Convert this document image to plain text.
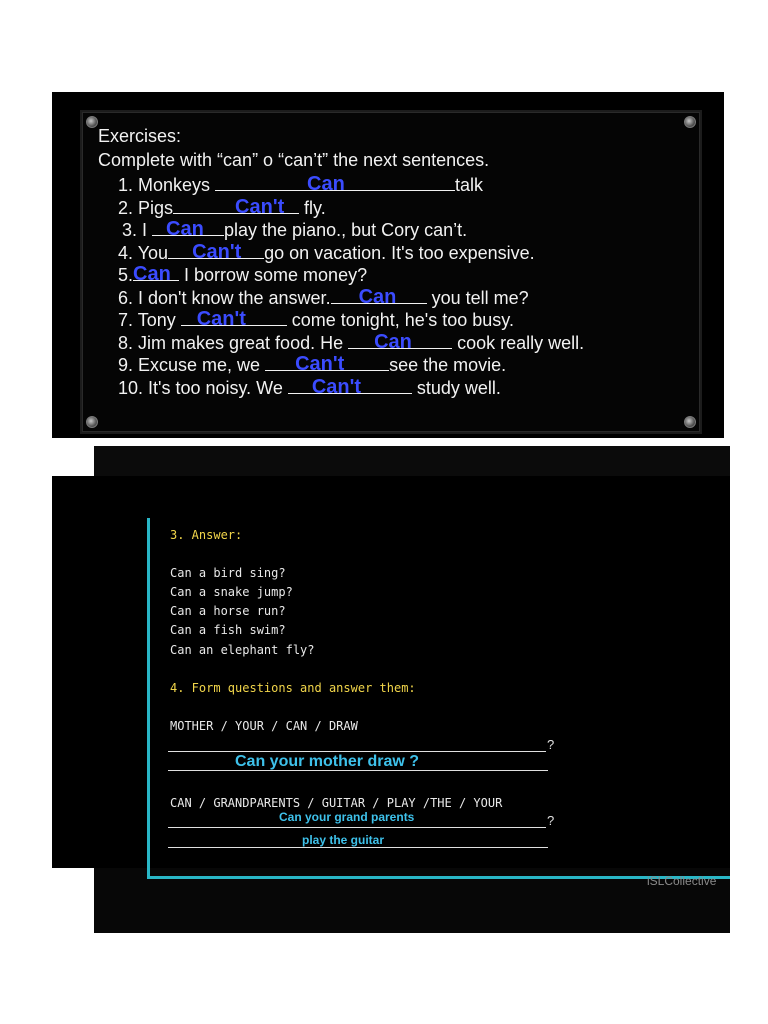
Exercises:
Complete with “can” o “can’t” the next sentences.
1. Monkeys	Can	talk
2. Pigs	Can't fly.
3. I Can play the piano., but Cory can’t.
4. You Can't go on vacation. It's too expensive.
5.Can I borrow some money?
6. I don't know the answer. Can you tell me?
7. Tony Can't come tonight, he's too busy.
8. Jim makes great food. He Can cook really well.
9. Excuse me, we Can't see the movie.
10. It's too noisy. We Can't	study well.
3. Answer:
Can a bird sing?
Can a snake jump?
Can a horse run?
Can a fish swim?
Can an elephant fly?
4. Form questions and answer them:
MOTHER / YOUR / CAN / DRAW
?
Can your mother draw ?
CAN / GRANDPARENTS / GUITAR / PLAY /THE / YOUR
Can your grand parents	?
play the guitar
iSLCollective
